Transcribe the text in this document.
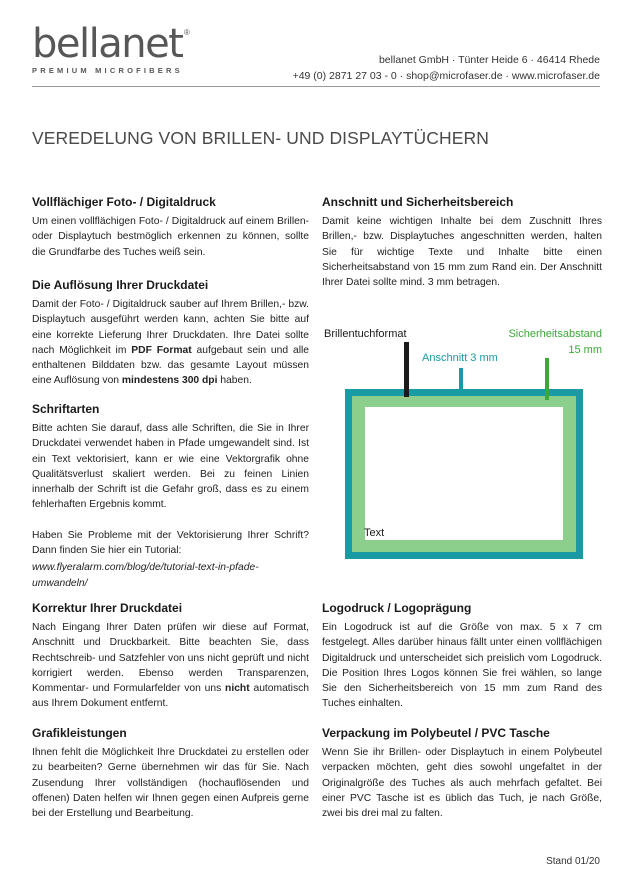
bellanet ®
PREMIUM MICROFIBERS
bellanet GmbH · Tünter Heide 6 · 46414 Rhede
+49 (0) 2871 27 03 - 0 · shop@microfaser.de · www.microfaser.de
VEREDELUNG VON BRILLEN- UND DISPLAYTÜCHERN
Vollflächiger Foto- / Digitaldruck

Um einen vollflächigen Foto- / Digitaldruck auf einem Brillen- oder Displaytuch bestmöglich erkennen zu können, sollte die Grundfarbe des Tuches weiß sein.

Die Auflösung Ihrer Druckdatei

Damit der Foto- / Digitaldruck sauber auf Ihrem Brillen,- bzw. Displaytuch ausgeführt werden kann, achten Sie bitte auf eine korrekte Lieferung Ihrer Druckdaten. Ihre Datei sollte nach Möglichkeit im PDF Format aufgebaut sein und alle enthaltenen Bilddaten bzw. das gesamte Layout müssen eine Auflösung von mindestens 300 dpi haben.

Schriftarten

Bitte achten Sie darauf, dass alle Schriften, die Sie in Ihrer Druckdatei verwendet haben in Pfade umgewandelt sind. Ist ein Text vektorisiert, kann er wie eine Vektorgrafik ohne Qualitätsverlust skaliert werden. Bei zu feinen Linien innerhalb der Schrift ist die Gefahr groß, dass es zu einem fehlerhaften Ergebnis kommt.

Haben Sie Probleme mit der Vektorisierung Ihrer Schrift? Dann finden Sie hier ein Tutorial:

www.flyeralarm.com/blog/de/tutorial-text-in-pfade-umwandeln/

Korrektur Ihrer Druckdatei

Nach Eingang Ihrer Daten prüfen wir diese auf Format, Anschnitt und Druckbarkeit. Bitte beachten Sie, dass Rechtschreib- und Satzfehler von uns nicht geprüft und nicht korrigiert werden. Ebenso werden Transparenzen, Kommentar- und Formularfelder von uns nicht automatisch aus Ihrem Dokument entfernt.

Grafikleistungen

Ihnen fehlt die Möglichkeit Ihre Druckdatei zu erstellen oder zu bearbeiten? Gerne übernehmen wir das für Sie. Nach Zusendung Ihrer vollständigen (hochauflösenden und offenen) Daten helfen wir Ihnen gegen einen Aufpreis gerne bei der Erstellung und Bearbeitung.

Anschnitt und Sicherheitsbereich

Damit keine wichtigen Inhalte bei dem Zuschnitt Ihres Brillen,- bzw. Displaytuches angeschnitten werden, halten Sie für wichtige Texte und Inhalte bitte einen Sicherheitsabstand von 15 mm zum Rand ein. Der Anschnitt Ihrer Datei sollte mind. 3 mm betragen.

Brillentuchformat
Anschnitt 3 mm
Sicherheitsabstand
15 mm
Text
Logodruck / Logoprägung

Ein Logodruck ist auf die Größe von max. 5 x 7 cm festgelegt. Alles darüber hinaus fällt unter einen vollflächigen Digitaldruck und unterscheidet sich preislich vom Logodruck. Die Position Ihres Logos können Sie frei wählen, so lange Sie den Sicherheitsbereich von 15 mm zum Rand des Tuches einhalten.

Verpackung im Polybeutel / PVC Tasche

Wenn Sie ihr Brillen- oder Displaytuch in einem Polybeutel verpacken möchten, geht dies sowohl ungefaltet in der Originalgröße des Tuches als auch mehrfach gefaltet. Bei einer PVC Tasche ist es üblich das Tuch, je nach Größe, zwei bis drei mal zu falten.

Stand 01/20
